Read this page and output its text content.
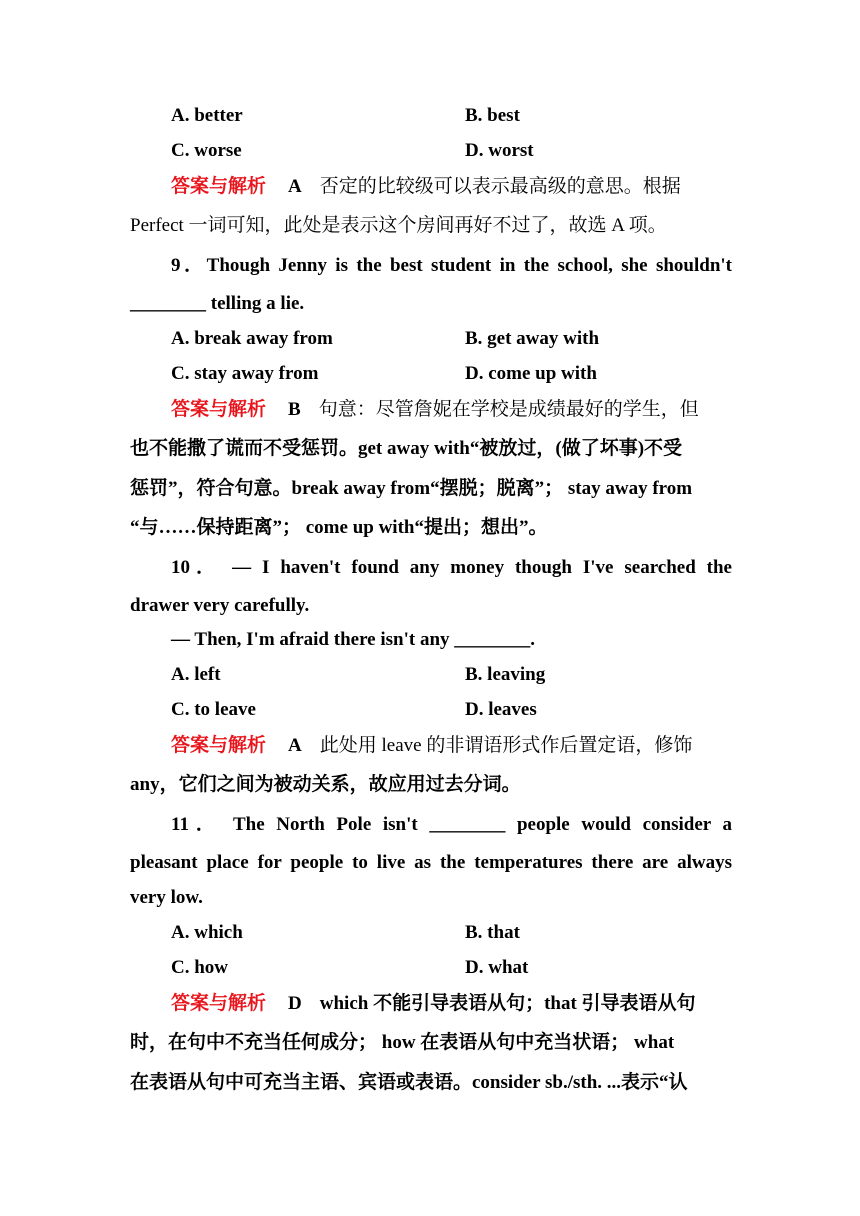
A. better	B. best
C. worse	D. worst
答案与解析 A 否定的比较级可以表示最高级的意思。根据
Perfect 一词可知，此处是表示这个房间再好不过了，故选 A 项。
9．Though Jenny is the best student in the school, she shouldn't
________ telling a lie.
A. break away from	B. get away with
C. stay away from	D. come up with
答案与解析 B 句意：尽管詹妮在学校是成绩最好的学生，但
也不能撒了谎而不受惩罚。get away with“被放过，(做了坏事)不受
惩罚”，符合句意。break away from“摆脱；脱离”； stay away from
“与……保持距离”； come up with“提出；想出”。
10． — I haven't found any money though I've searched the
drawer very carefully.
— Then, I'm afraid there isn't any ________.
A. left	B. leaving
C. to leave	D. leaves
答案与解析 A 此处用 leave 的非谓语形式作后置定语，修饰
any，它们之间为被动关系，故应用过去分词。
11． The North Pole isn't ________ people would consider a
pleasant place for people to live as the temperatures there are always
very low.
A. which	B. that
C. how	D. what
答案与解析 D which 不能引导表语从句；that 引导表语从句
时，在句中不充当任何成分； how 在表语从句中充当状语； what
在表语从句中可充当主语、宾语或表语。consider sb./sth. ...表示“认
